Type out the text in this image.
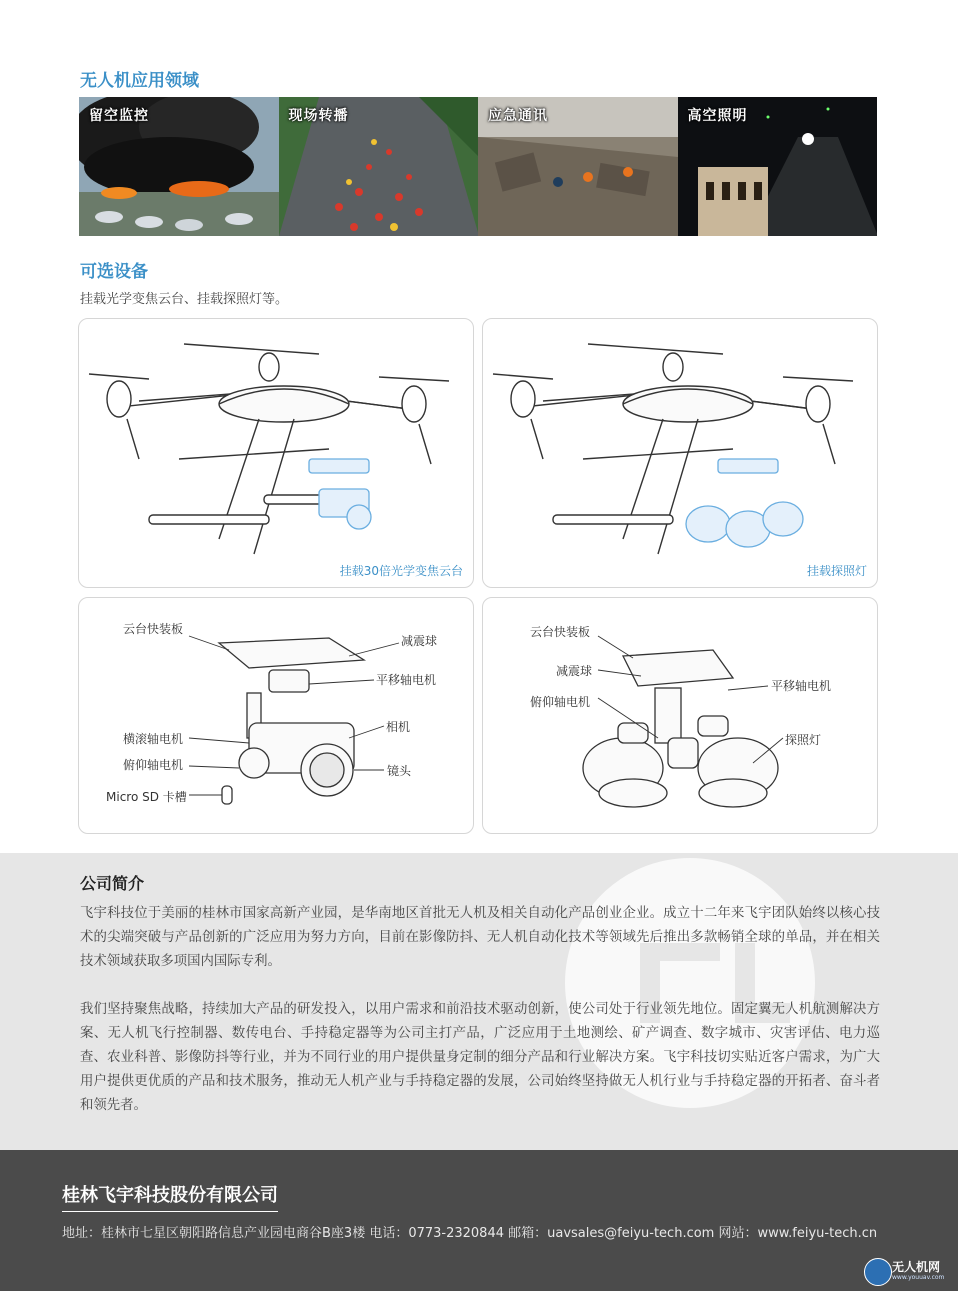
无人机应用领域
留空监控	现场转播	应急通讯	高空照明
可选设备
挂载光学变焦云台、挂载探照灯等。
挂载30倍光学变焦云台	挂载探照灯
云台快装板
减震球
平移轴电机
相机
横滚轴电机
俯仰轴电机	镜头
Micro SD 卡槽
云台快装板
减震球
俯仰轴电机
平移轴电机
探照灯
公司简介

飞宇科技位于美丽的桂林市国家高新产业园，是华南地区首批无人机及相关自动化产品创业企业。成立十二年来飞宇团队始终以核心技术的尖端突破与产品创新的广泛应用为努力方向，目前在影像防抖、无人机自动化技术等领域先后推出多款畅销全球的单品，并在相关技术领域获取多项国内国际专利。

我们坚持聚焦战略，持续加大产品的研发投入，以用户需求和前沿技术驱动创新，使公司处于行业领先地位。固定翼无人机航测解决方案、无人机飞行控制器、数传电台、手持稳定器等为公司主打产品，广泛应用于土地测绘、矿产调查、数字城市、灾害评估、电力巡查、农业科普、影像防抖等行业，并为不同行业的用户提供量身定制的细分产品和行业解决方案。飞宇科技切实贴近客户需求，为广大用户提供更优质的产品和技术服务，推动无人机产业与手持稳定器的发展，公司始终坚持做无人机行业与手持稳定器的开拓者、奋斗者和领先者。

桂林飞宇科技股份有限公司
地址：桂林市七星区朝阳路信息产业园电商谷B座3楼 电话：0773-2320844 邮箱：uavsales@feiyu-tech.com 网站：www.feiyu-tech.cn
无人机网
www.youuav.com
